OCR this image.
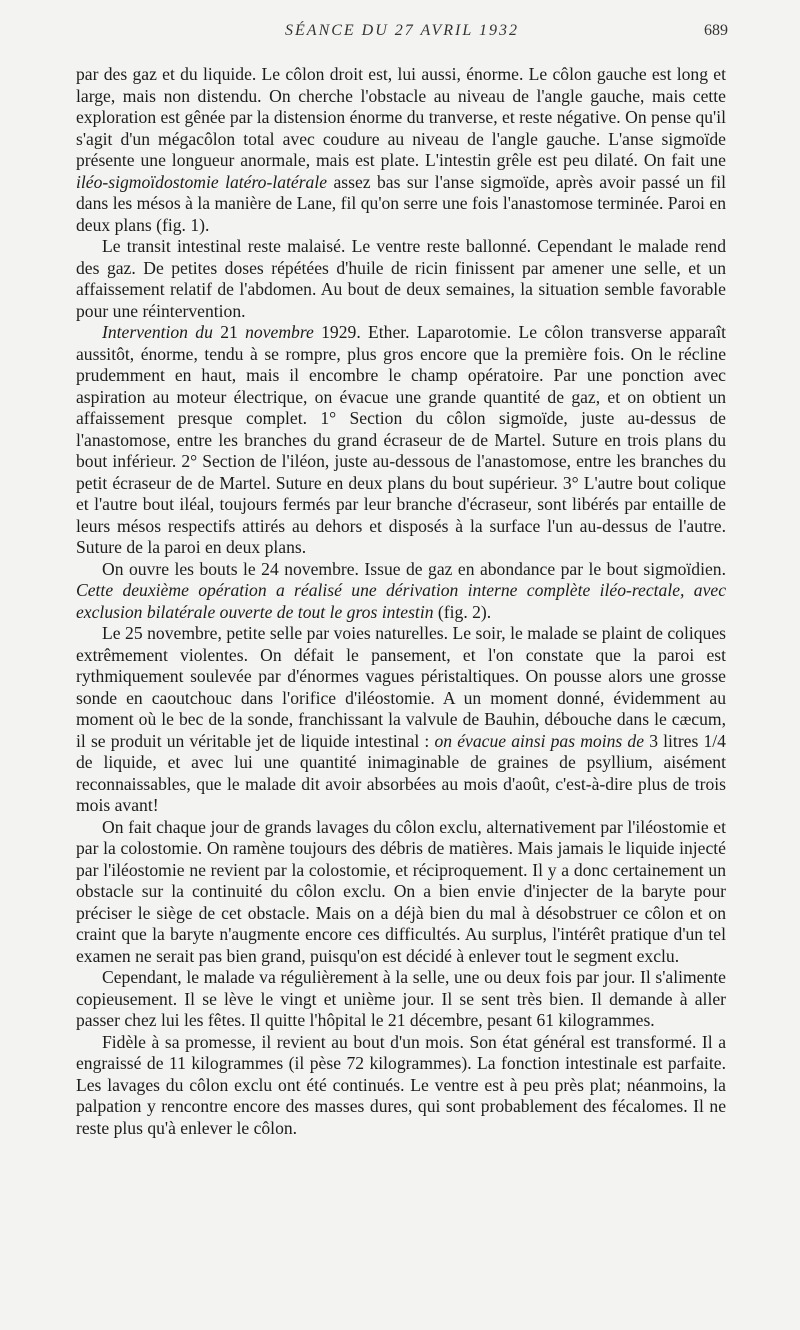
SÉANCE DU 27 AVRIL 1932	689

par des gaz et du liquide. Le côlon droit est, lui aussi, énorme. Le côlon gauche est long et large, mais non distendu. On cherche l'obstacle au niveau de l'angle gauche, mais cette exploration est gênée par la distension énorme du tranverse, et reste négative. On pense qu'il s'agit d'un mégacôlon total avec coudure au niveau de l'angle gauche. L'anse sigmoïde présente une longueur anormale, mais est plate. L'intestin grêle est peu dilaté. On fait une iléo-sigmoïdostomie latéro-latérale assez bas sur l'anse sigmoïde, après avoir passé un fil dans les mésos à la manière de Lane, fil qu'on serre une fois l'anastomose terminée. Paroi en deux plans (fig. 1).

Le transit intestinal reste malaisé. Le ventre reste ballonné. Cependant le malade rend des gaz. De petites doses répétées d'huile de ricin finissent par amener une selle, et un affaissement relatif de l'abdomen. Au bout de deux semaines, la situation semble favorable pour une réintervention.

Intervention du 21 novembre 1929. Ether. Laparotomie. Le côlon transverse apparaît aussitôt, énorme, tendu à se rompre, plus gros encore que la première fois. On le récline prudemment en haut, mais il encombre le champ opératoire. Par une ponction avec aspiration au moteur électrique, on évacue une grande quantité de gaz, et on obtient un affaissement presque complet. 1° Section du côlon sigmoïde, juste au-dessus de l'anastomose, entre les branches du grand écraseur de de Martel. Suture en trois plans du bout inférieur. 2° Section de l'iléon, juste au-dessous de l'anastomose, entre les branches du petit écraseur de de Martel. Suture en deux plans du bout supérieur. 3° L'autre bout colique et l'autre bout iléal, toujours fermés par leur branche d'écraseur, sont libérés par entaille de leurs mésos respectifs attirés au dehors et disposés à la surface l'un au-dessus de l'autre. Suture de la paroi en deux plans.

On ouvre les bouts le 24 novembre. Issue de gaz en abondance par le bout sigmoïdien. Cette deuxième opération a réalisé une dérivation interne complète iléo-rectale, avec exclusion bilatérale ouverte de tout le gros intestin (fig. 2).

Le 25 novembre, petite selle par voies naturelles. Le soir, le malade se plaint de coliques extrêmement violentes. On défait le pansement, et l'on constate que la paroi est rythmiquement soulevée par d'énormes vagues péristaltiques. On pousse alors une grosse sonde en caoutchouc dans l'orifice d'iléostomie. A un moment donné, évidemment au moment où le bec de la sonde, franchissant la valvule de Bauhin, débouche dans le cæcum, il se produit un véritable jet de liquide intestinal : on évacue ainsi pas moins de 3 litres 1/4 de liquide, et avec lui une quantité inimaginable de graines de psyllium, aisément reconnaissables, que le malade dit avoir absorbées au mois d'août, c'est-à-dire plus de trois mois avant!

On fait chaque jour de grands lavages du côlon exclu, alternativement par l'iléostomie et par la colostomie. On ramène toujours des débris de matières. Mais jamais le liquide injecté par l'iléostomie ne revient par la colostomie, et réciproquement. Il y a donc certainement un obstacle sur la continuité du côlon exclu. On a bien envie d'injecter de la baryte pour préciser le siège de cet obstacle. Mais on a déjà bien du mal à désobstruer ce côlon et on craint que la baryte n'augmente encore ces difficultés. Au surplus, l'intérêt pratique d'un tel examen ne serait pas bien grand, puisqu'on est décidé à enlever tout le segment exclu.

Cependant, le malade va régulièrement à la selle, une ou deux fois par jour. Il s'alimente copieusement. Il se lève le vingt et unième jour. Il se sent très bien. Il demande à aller passer chez lui les fêtes. Il quitte l'hôpital le 21 décembre, pesant 61 kilogrammes.

Fidèle à sa promesse, il revient au bout d'un mois. Son état général est transformé. Il a engraissé de 11 kilogrammes (il pèse 72 kilogrammes). La fonction intestinale est parfaite. Les lavages du côlon exclu ont été continués. Le ventre est à peu près plat; néanmoins, la palpation y rencontre encore des masses dures, qui sont probablement des fécalomes. Il ne reste plus qu'à enlever le côlon.
